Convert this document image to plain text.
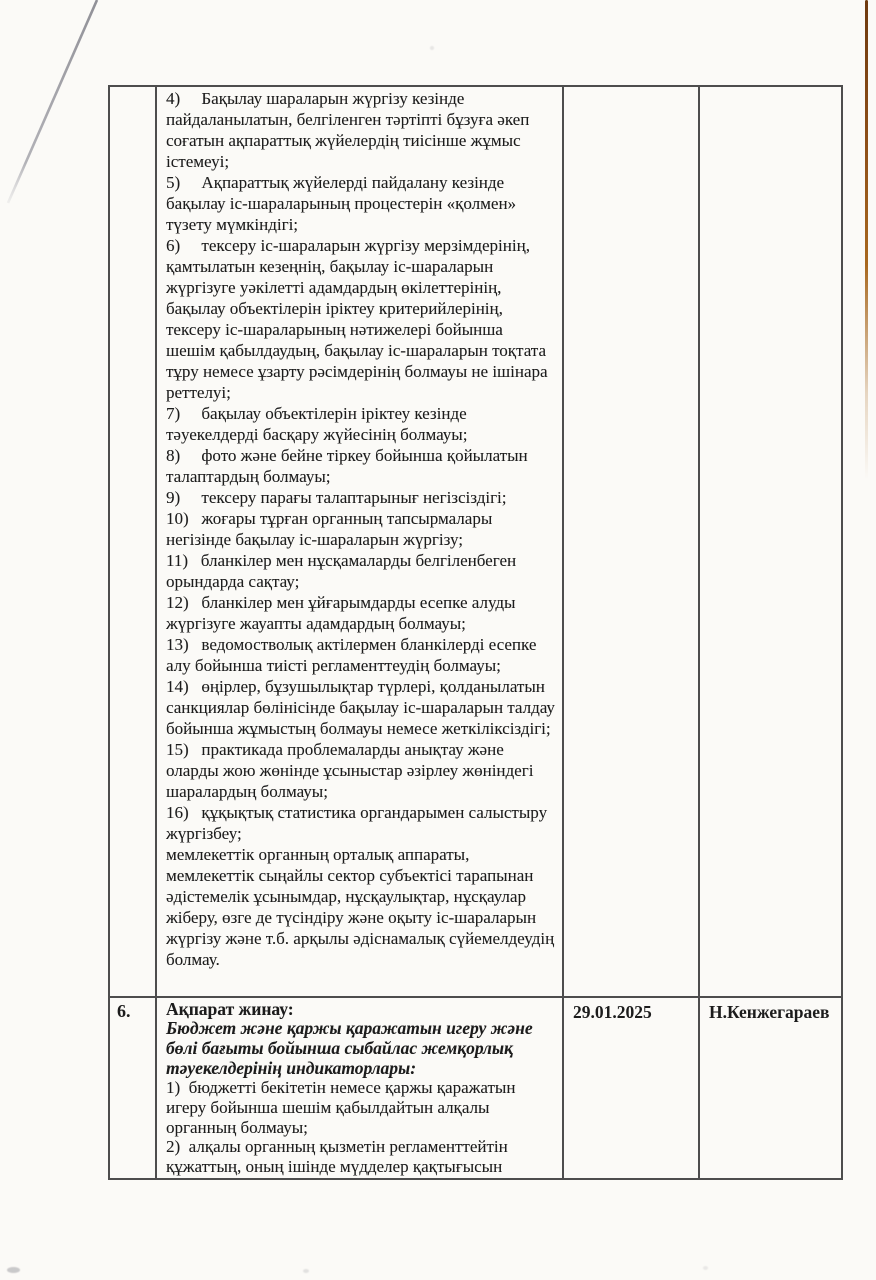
4)     Бақылау шараларын жүргізу кезінде пайдаланылатын, белгіленген тәртіпті бұзуға әкеп соғатын ақпараттық жүйелердің тиісінше жұмыс істемеуі;

5)     Ақпараттық жүйелерді пайдалану кезінде бақылау іс-шараларының процестерін «қолмен» түзету мүмкіндігі;

6)     тексеру іс-шараларын жүргізу мерзімдерінің, қамтылатын кезеңнің, бақылау іс-шараларын жүргізуге уәкілетті адамдардың өкілеттерінің, бақылау объектілерін іріктеу критерийлерінің, тексеру іс-шараларының нәтижелері бойынша шешім қабылдаудың, бақылау іс-шараларын тоқтата тұру немесе ұзарту рәсімдерінің болмауы не ішінара реттелуі;

7)     бақылау объектілерін іріктеу кезінде тәуекелдерді басқару жүйесінің болмауы;

8)     фото және бейне тіркеу бойынша қойылатын талаптардың болмауы;

9)     тексеру парағы талаптарынығ негізсіздігі;

10)   жоғары тұрған органның тапсырмалары негізінде бақылау іс-шараларын жүргізу;

11)   бланкілер мен нұсқамаларды белгіленбеген орындарда сақтау;

12)   бланкілер мен ұйғарымдарды есепке алуды жүргізуге жауапты адамдардың болмауы;

13)   ведомостволық актілермен бланкілерді есепке алу бойынша тиісті регламенттеудің болмауы;

14)   өңірлер, бұзушылықтар түрлері, қолданылатын санкциялар бөлінісінде бақылау іс-шараларын талдау бойынша жұмыстың болмауы немесе жеткіліксіздігі;

15)   практикада проблемаларды анықтау және оларды жою жөнінде ұсыныстар әзірлеу жөніндегі шаралардың болмауы;

16)   құқықтық статистика органдарымен салыстыру жүргізбеу;

мемлекеттік органның орталық аппараты, мемлекеттік сыңайлы сектор субъектісі тарапынан әдістемелік ұсынымдар, нұсқаулықтар, нұсқаулар жіберу, өзге де түсіндіру және оқыту іс-шараларын жүргізу және т.б. арқылы әдіснамалық сүйемелдеудің болмау.

6.	Ақпарат жинау:

Бюджет және қаржы қаражатын игеру және бөлі бағыты бойынша сыбайлас жемқорлық тәуекелдерінің индикаторлары:

1)  бюджетті бекітетін немесе қаржы қаражатын игеру бойынша шешім қабылдайтын алқалы органның болмауы;

2)  алқалы органның қызметін регламенттейтін құжаттың, оның ішінде мүдделер қақтығысын	29.01.2025	Н.Кенжегараев
